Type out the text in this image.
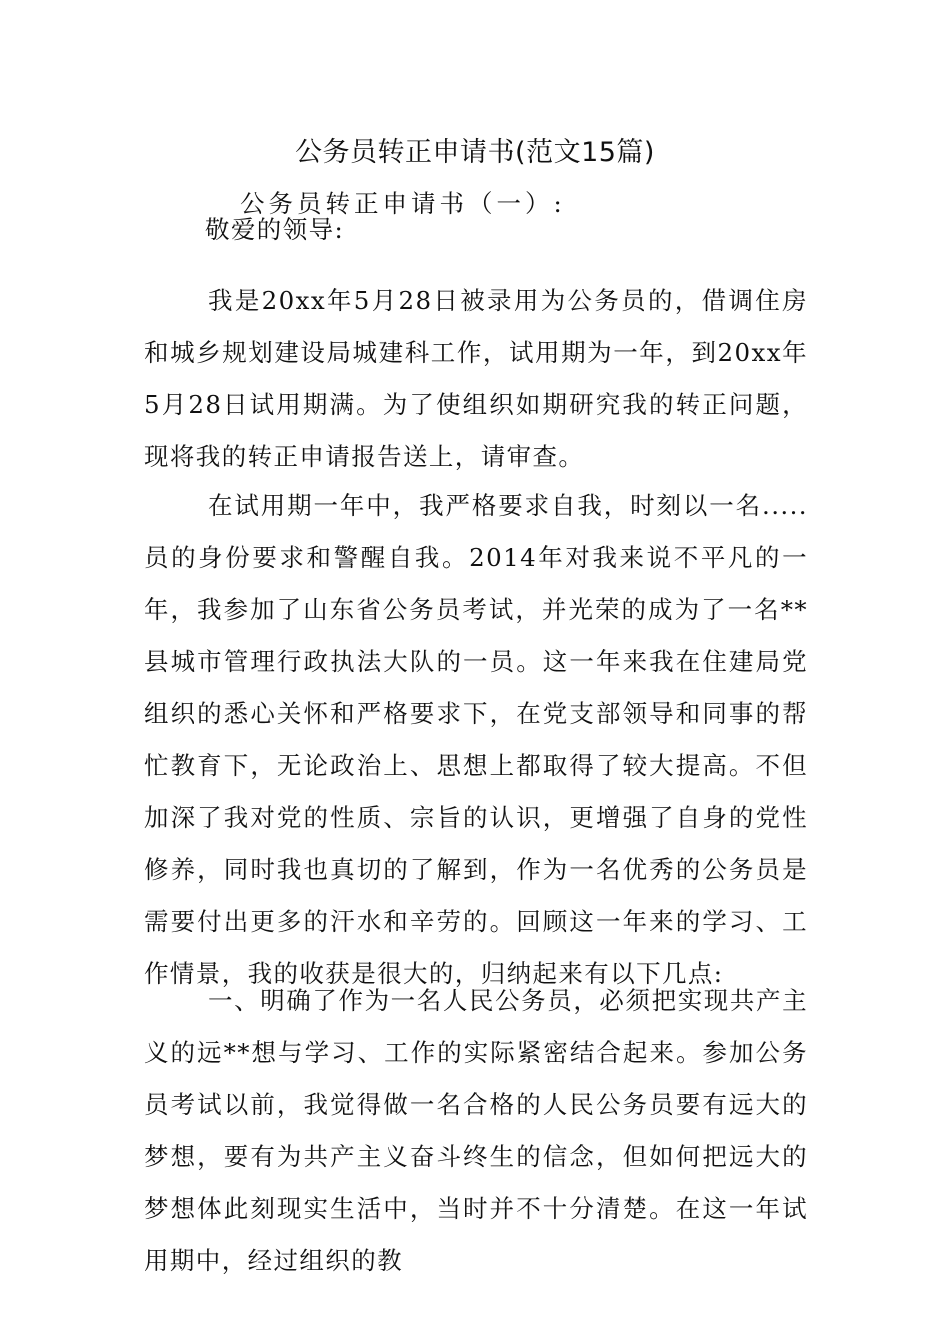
公务员转正申请书(范文15篇)
公务员转正申请书（一）:
敬爱的领导:
我是20xx年5月28日被录用为公务员的，借调住房和城乡规划建设局城建科工作，试用期为一年，到20xx年5月28日试用期满。为了使组织如期研究我的转正问题，现将我的转正申请报告送上，请审查。
在试用期一年中，我严格要求自我，时刻以一名.....员的身份要求和警醒自我。2014年对我来说不平凡的一年，我参加了山东省公务员考试，并光荣的成为了一名**县城市管理行政执法大队的一员。这一年来我在住建局党组织的悉心关怀和严格要求下，在党支部领导和同事的帮忙教育下，无论政治上、思想上都取得了较大提高。不但加深了我对党的性质、宗旨的认识，更增强了自身的党性修养，同时我也真切的了解到，作为一名优秀的公务员是需要付出更多的汗水和辛劳的。回顾这一年来的学习、工作情景，我的收获是很大的，归纳起来有以下几点:
一、明确了作为一名人民公务员，必须把实现共产主义的远**想与学习、工作的实际紧密结合起来。参加公务员考试以前，我觉得做一名合格的人民公务员要有远大的梦想，要有为共产主义奋斗终生的信念，但如何把远大的梦想体此刻现实生活中，当时并不十分清楚。在这一年试用期中，经过组织的教
